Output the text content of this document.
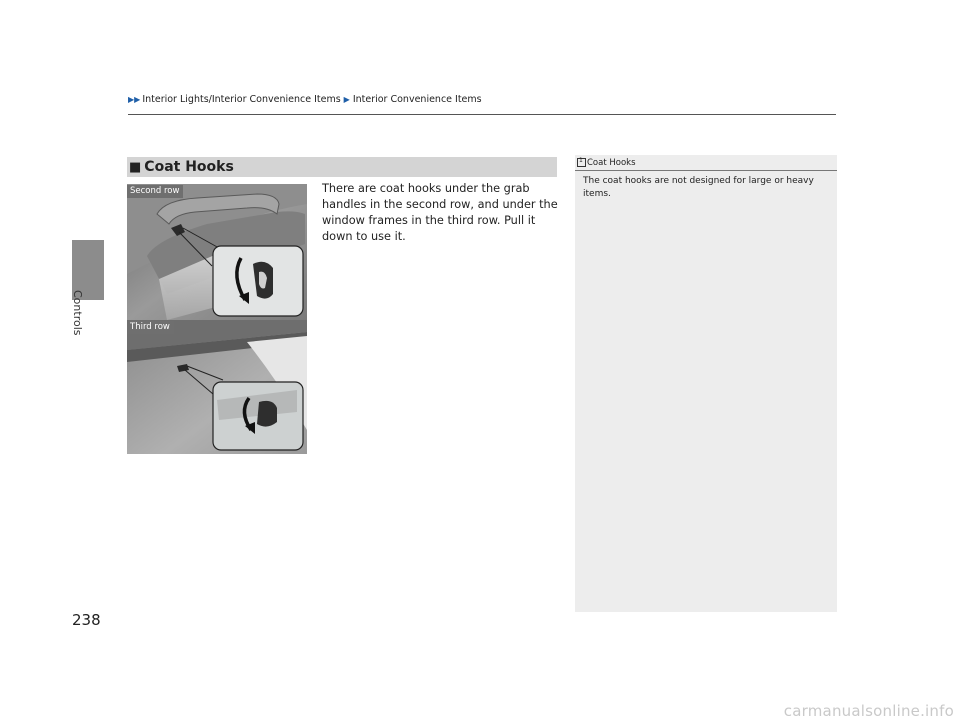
▶▶ Interior Lights/Interior Convenience Items ▶ Interior Convenience Items
Controls
238
■ Coat Hooks
There are coat hooks under the grab handles in the second row, and under the window frames in the third row. Pull it down to use it.
Second row
Third row
1
Coat Hooks
The coat hooks are not designed for large or heavy items.
carmanualsonline.info
